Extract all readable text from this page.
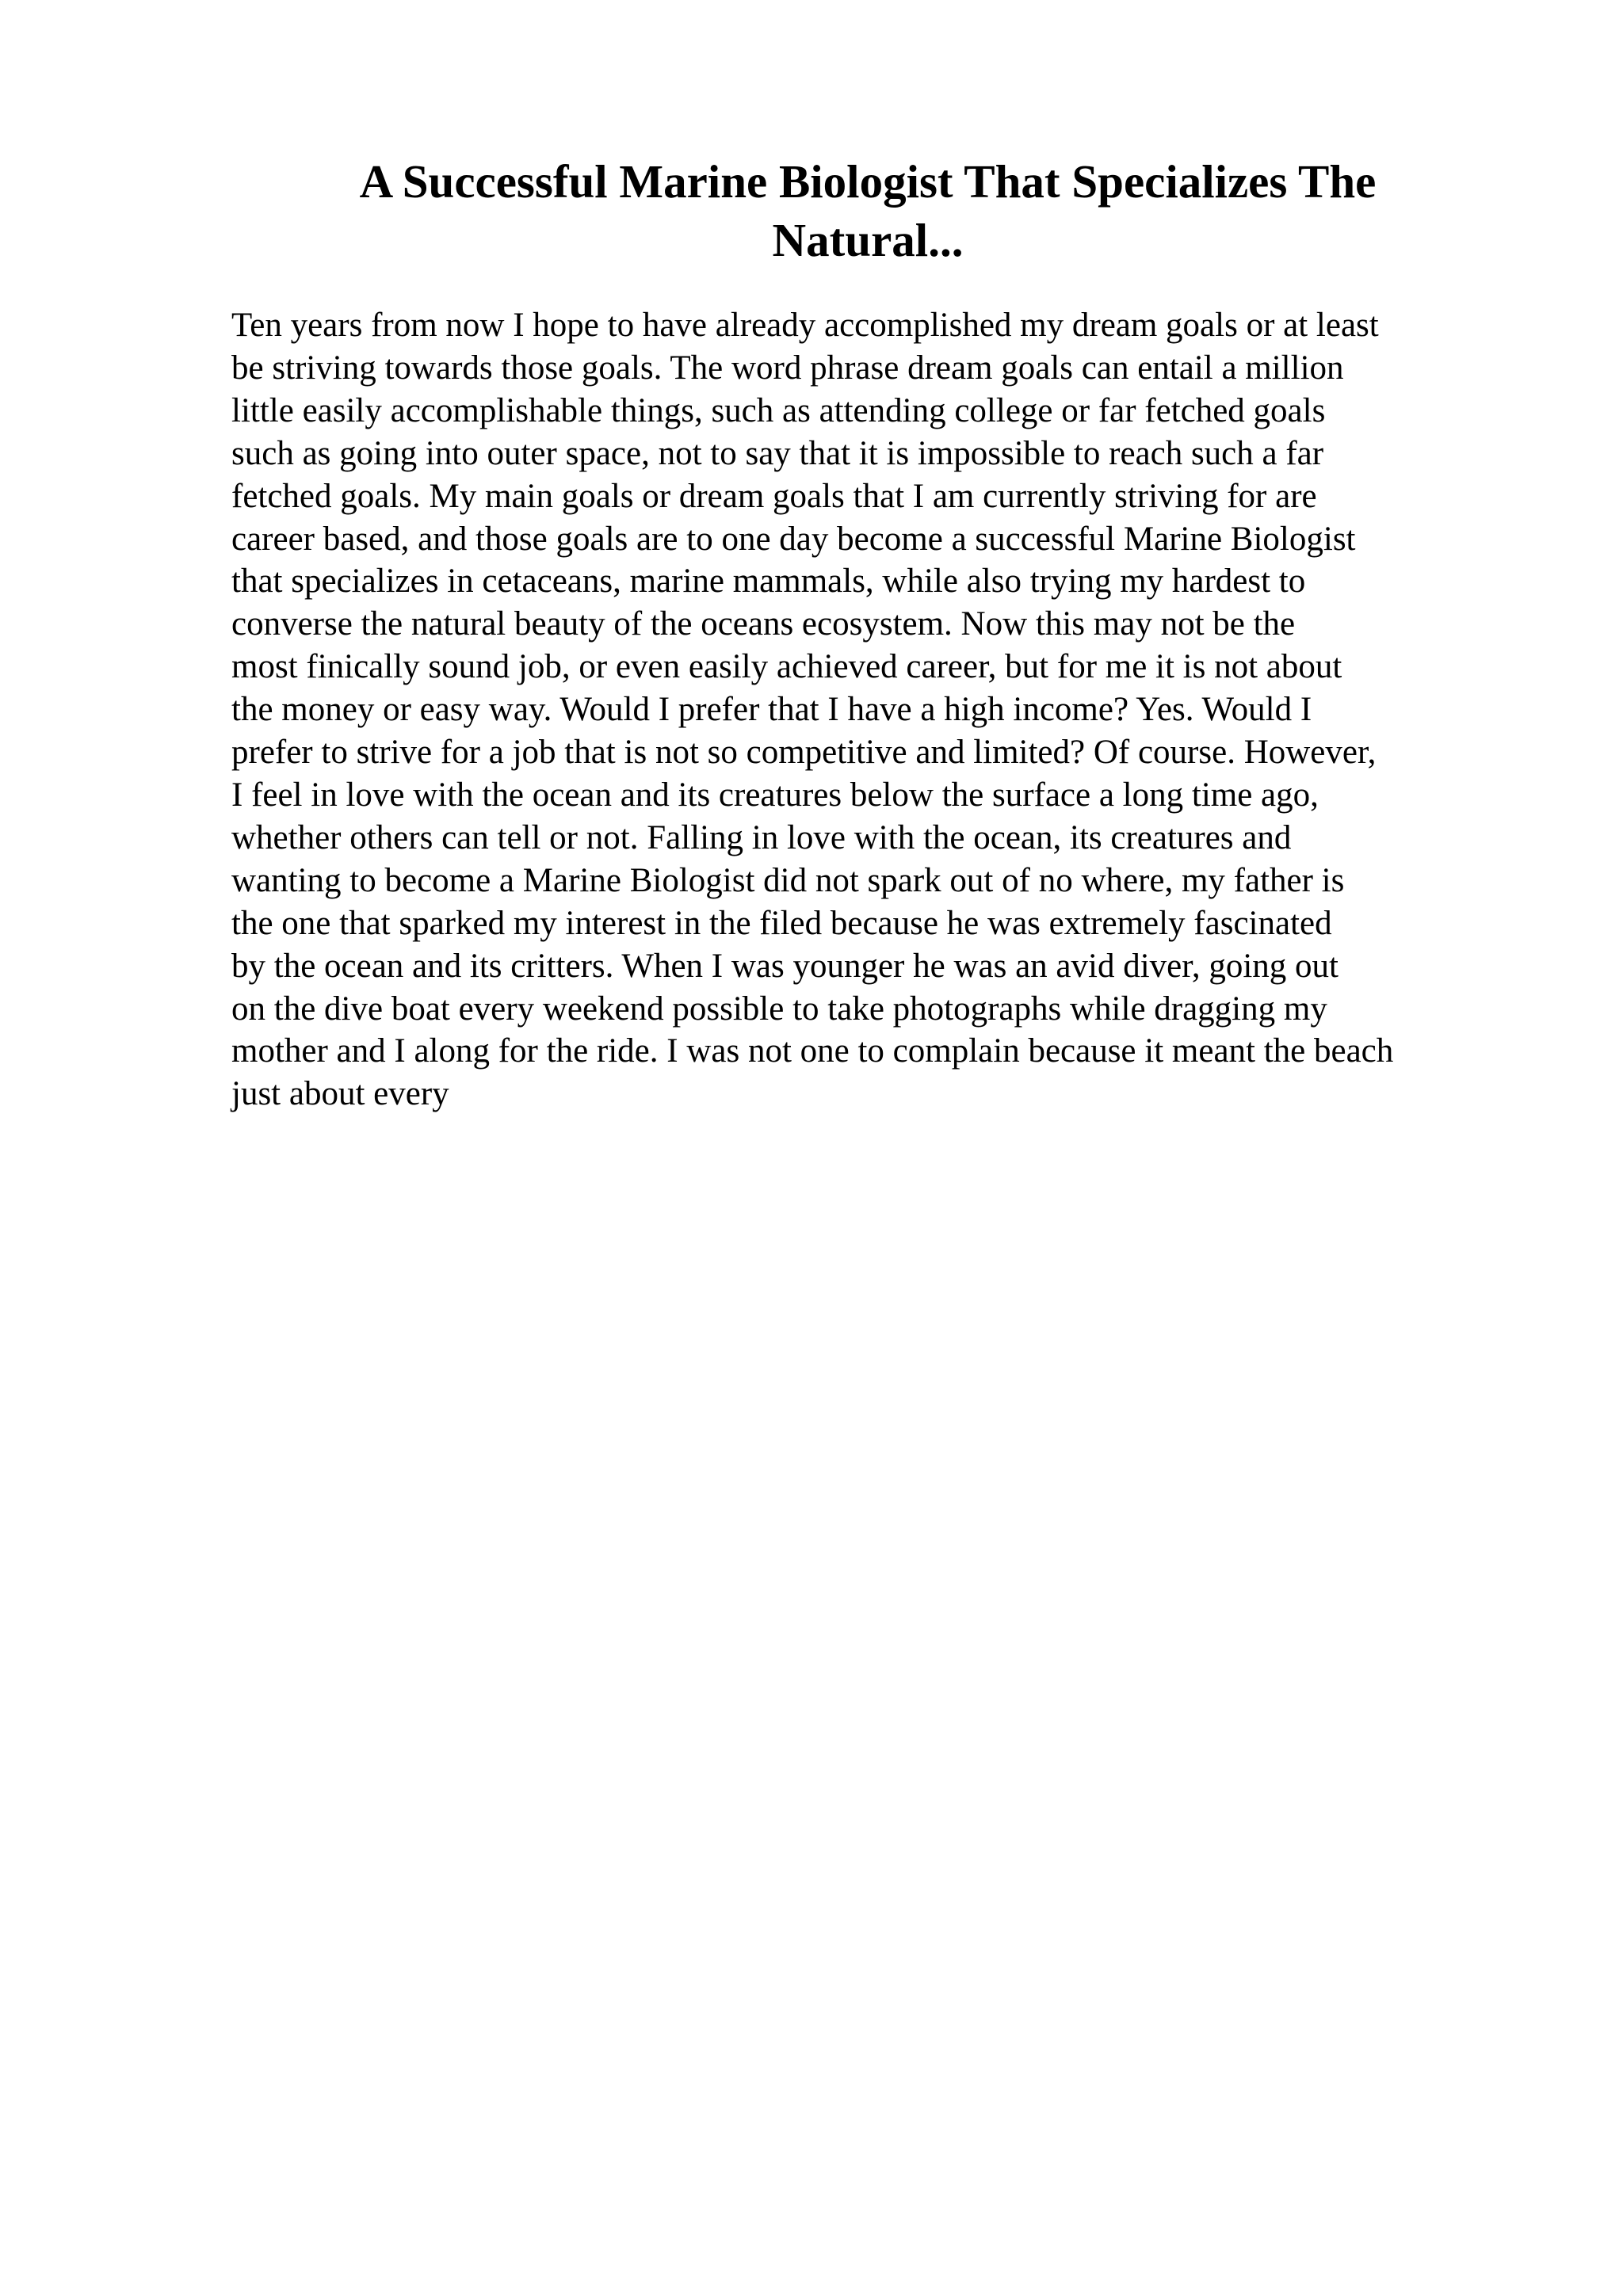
A Successful Marine Biologist That Specializes The
Natural...
Ten years from now I hope to have already accomplished my dream goals or at least
be striving towards those goals. The word phrase dream goals can entail a million
little easily accomplishable things, such as attending college or far fetched goals
such as going into outer space, not to say that it is impossible to reach such a far
fetched goals. My main goals or dream goals that I am currently striving for are
career based, and those goals are to one day become a successful Marine Biologist
that specializes in cetaceans, marine mammals, while also trying my hardest to
converse the natural beauty of the oceans ecosystem. Now this may not be the
most finically sound job, or even easily achieved career, but for me it is not about
the money or easy way. Would I prefer that I have a high income? Yes. Would I
prefer to strive for a job that is not so competitive and limited? Of course. However,
I feel in love with the ocean and its creatures below the surface a long time ago,
whether others can tell or not. Falling in love with the ocean, its creatures and
wanting to become a Marine Biologist did not spark out of no where, my father is
the one that sparked my interest in the filed because he was extremely fascinated
by the ocean and its critters. When I was younger he was an avid diver, going out
on the dive boat every weekend possible to take photographs while dragging my
mother and I along for the ride. I was not one to complain because it meant the beach
just about every
